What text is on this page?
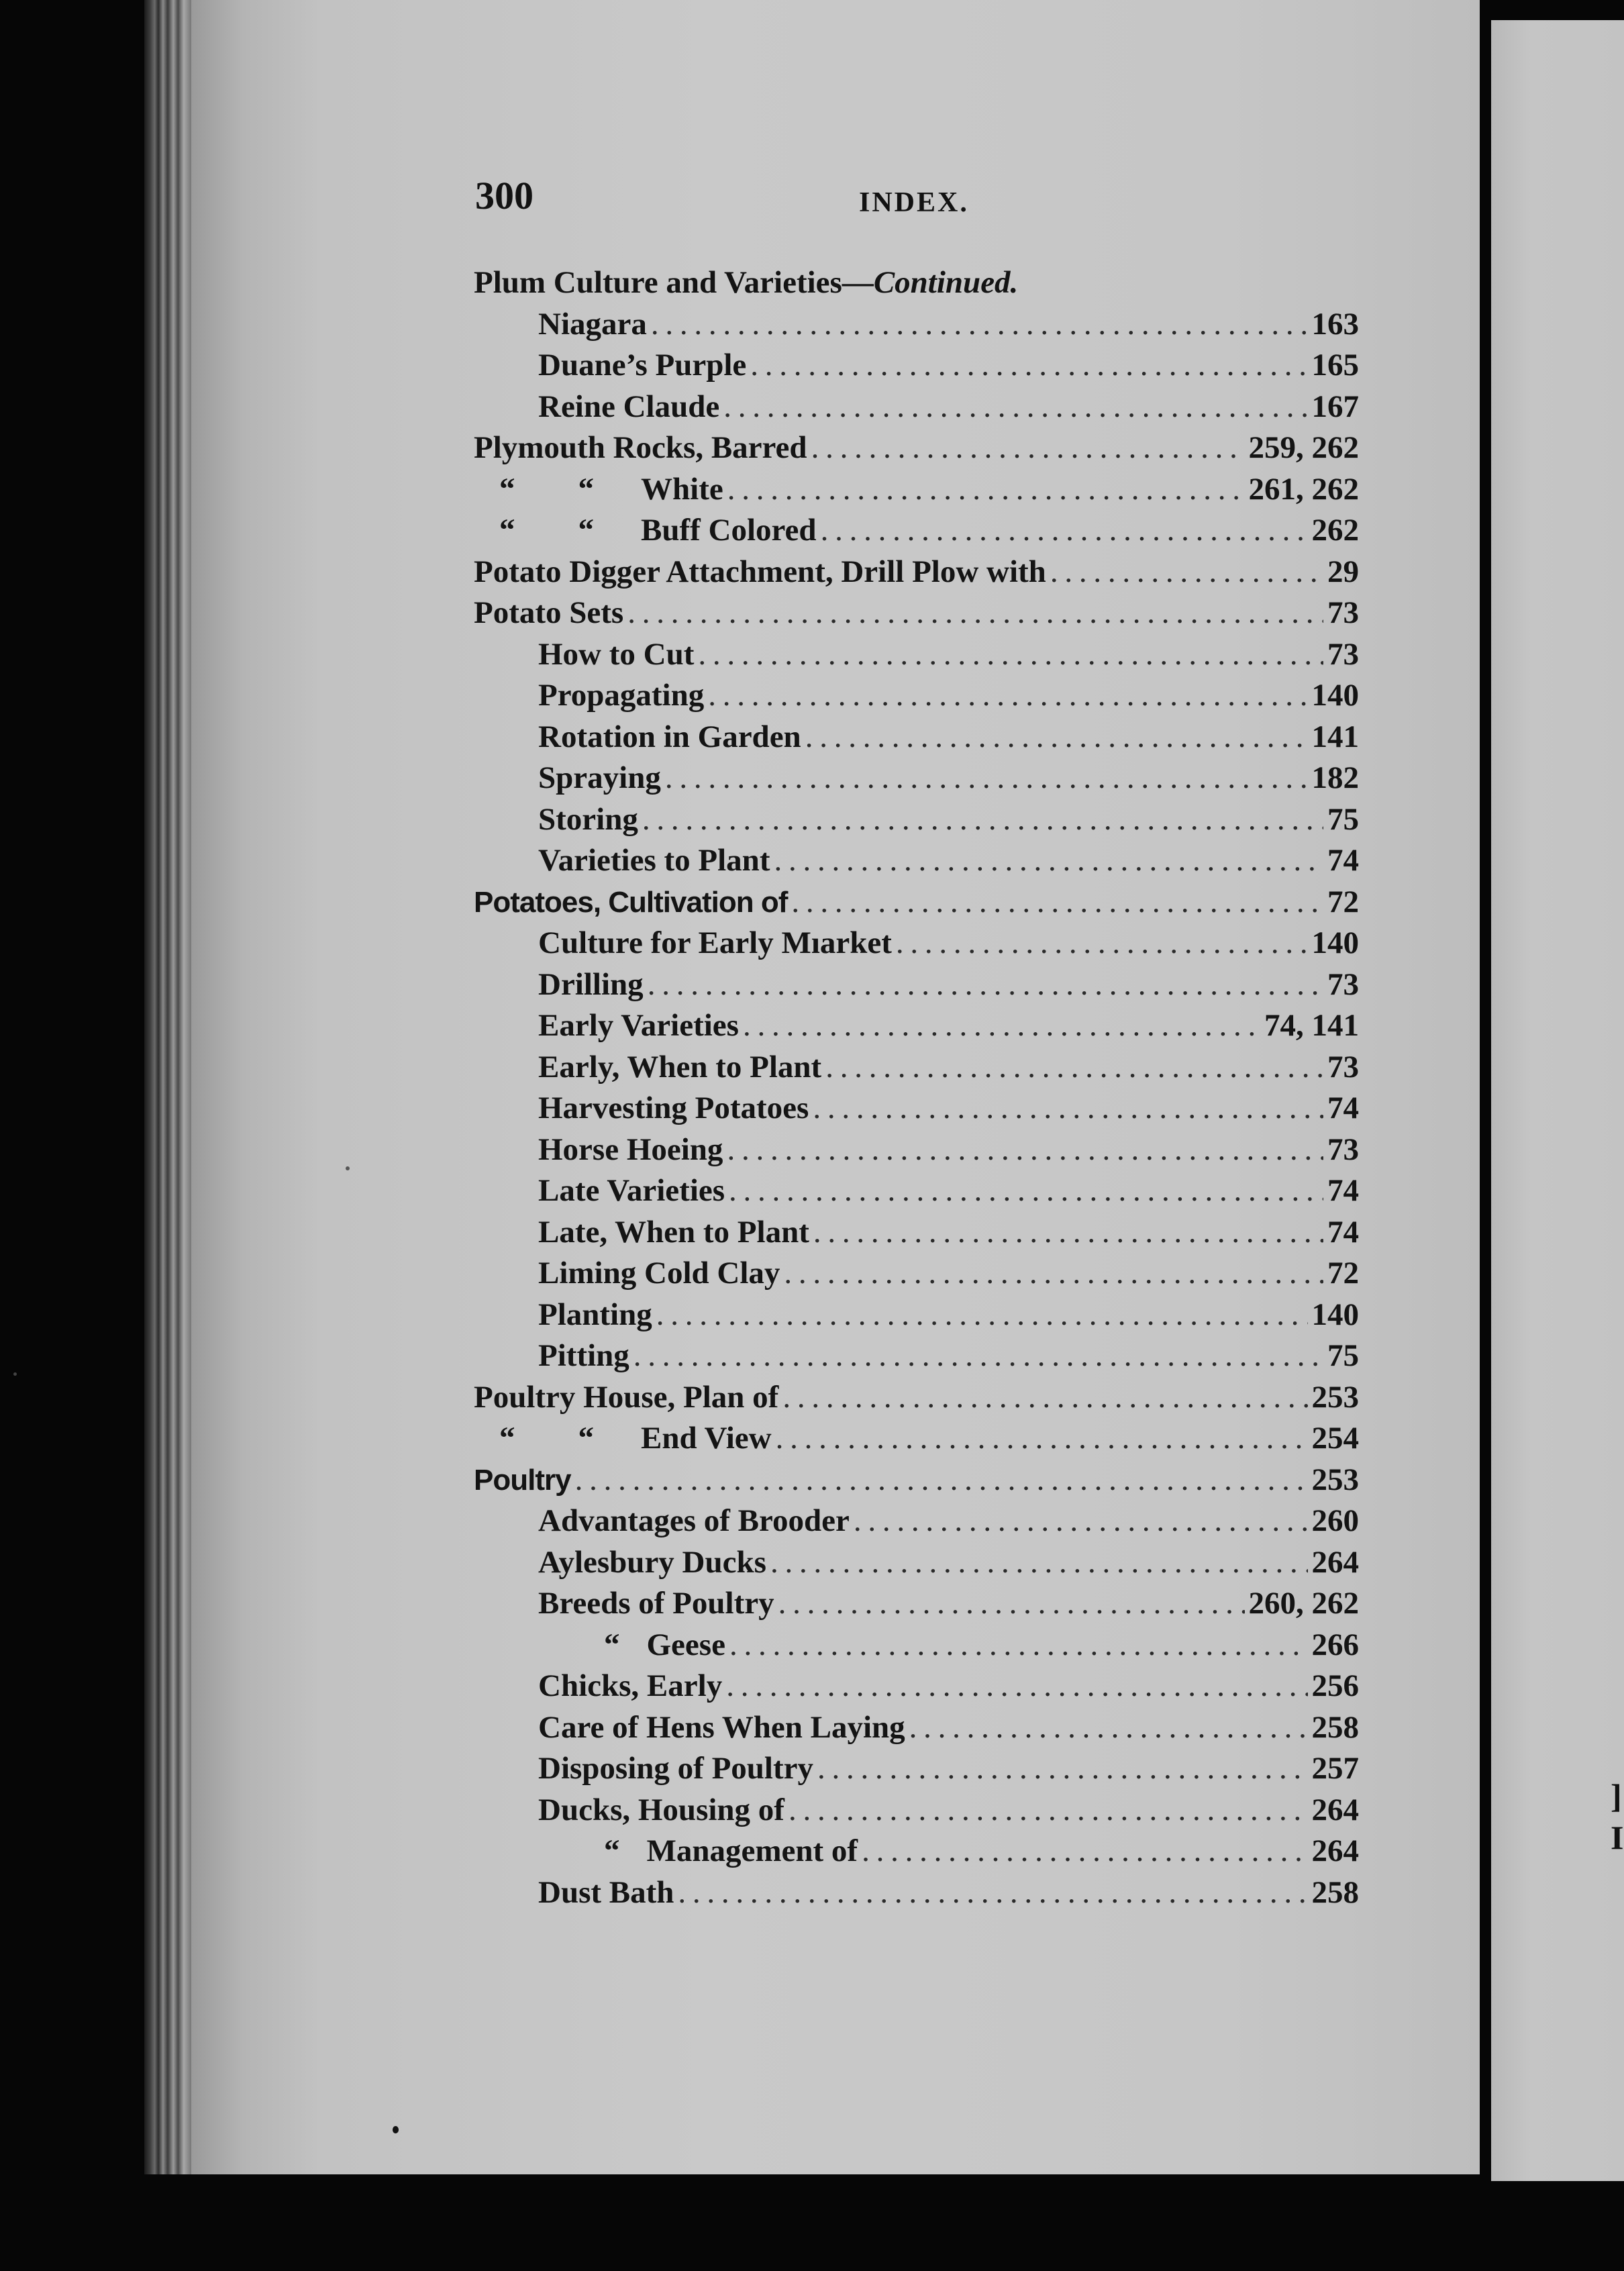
]
I
300	INDEX.
Plum Culture and Varieties— Continued.
Niagara . . .	163
Duane’s Purple . . .	165
Reine Claude . . .	167
Plymouth Rocks, Barred . . .	259, 262
“        “ White . . .	261, 262
“        “ Buff Colored . . .	262
Potato Digger Attachment, Drill Plow with . . .	29
Potato Sets . . .	73
How to Cut . . .	73
Propagating . . .	140
Rotation in Garden . . .	141
Spraying . . .	182
Storing . . .	75
Varieties to Plant . . .	74
Potatoes, Cultivation of . . .	72
Culture for Early Mıarket . . .	140
Drilling . . .	73
Early Varieties . . .	74, 141
Early, When to Plant . . .	73
Harvesting Potatoes . . .	74
Horse Hoeing . . .	73
Late Varieties . . .	74
Late, When to Plant . . .	74
Liming Cold Clay . . .	72
Planting . . .	140
Pitting . . .	75
Poultry House, Plan of . . .	253
“        “ End View . . .	254
Poultry . . .	253
Advantages of Brooder . . .	260
Aylesbury Ducks . . .	264
Breeds of Poultry . . .	260, 262
“ Geese . . .	266
Chicks, Early . . .	256
Care of Hens When Laying . . .	258
Disposing of Poultry . . .	257
Ducks, Housing of . . .	264
“ Management of . . .	264
Dust Bath . . .	258
